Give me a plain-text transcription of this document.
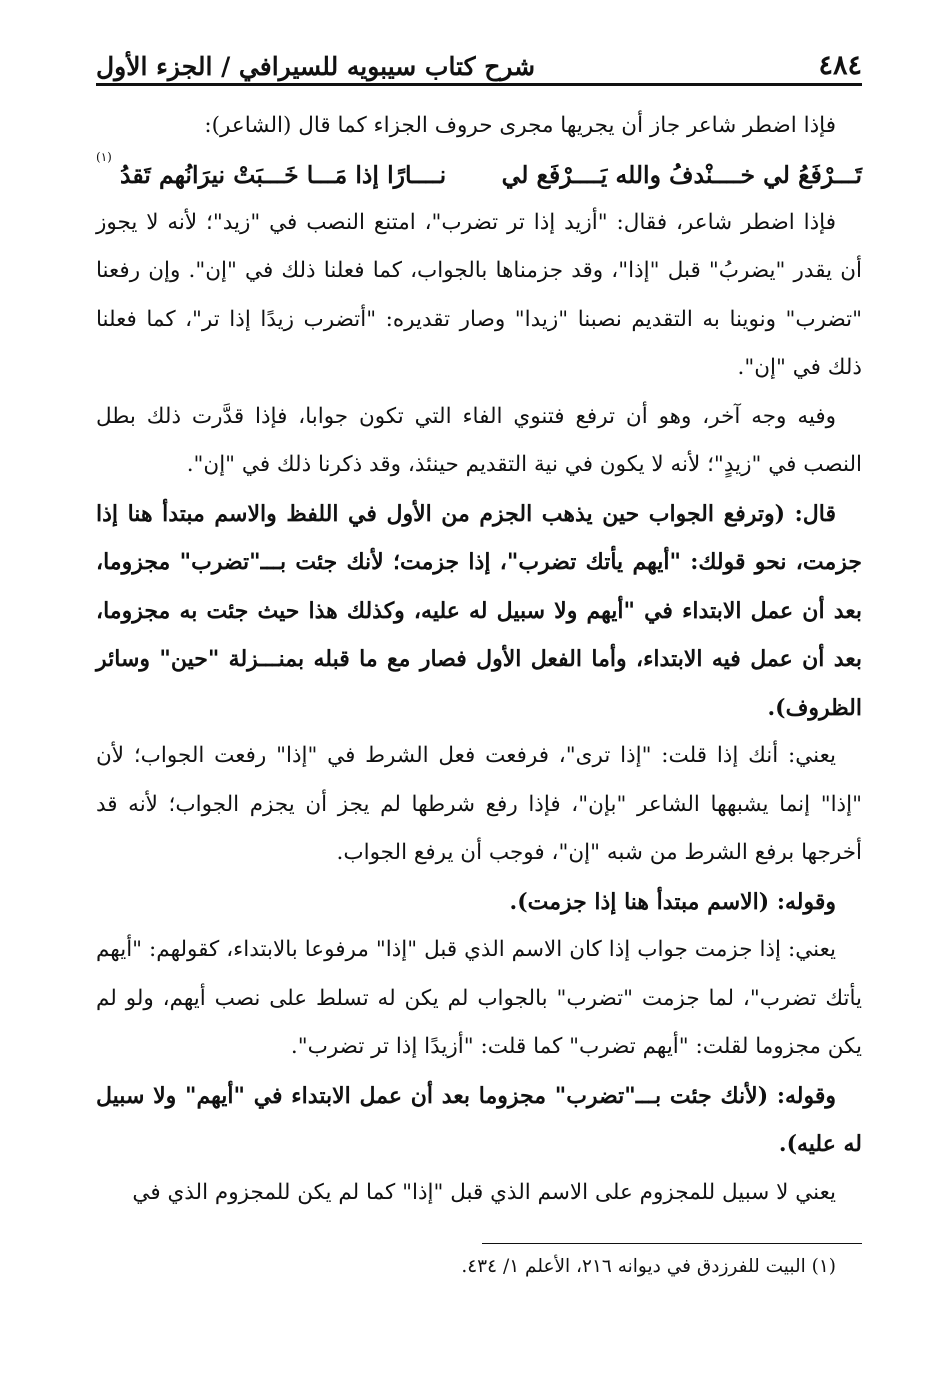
٤٨٤
شرح كتاب سيبويه للسيرافي / الجزء الأول

فإذا اضطر شاعر جاز أن يجريها مجرى حروف الجزاء كما قال (الشاعر):

تَـــرْفَعُ لي خــــنْدفُ والله يَــــرْفَع لي
نــــارًا إذا مَـــا خَـــبَتْ نيرَانُهم تَقدُ $^{(١)}$

فإذا اضطر شاعر، فقال: "أزيد إذا تر تضرب"، امتنع النصب في "زيد"؛ لأنه لا يجوز أن يقدر "يضربُ" قبل "إذا"، وقد جزمناها بالجواب، كما فعلنا ذلك في "إن". وإن رفعنا "تضرب" ونوينا به التقديم نصبنا "زيدا" وصار تقديره: "أتضرب زيدًا إذا تر"، كما فعلنا ذلك في "إن".

وفيه وجه آخر، وهو أن ترفع فتنوي الفاء التي تكون جوابا، فإذا قدَّرت ذلك بطل النصب في "زيدٍ"؛ لأنه لا يكون في نية التقديم حينئذ، وقد ذكرنا ذلك في "إن".

قال: (وترفع الجواب حين يذهب الجزم من الأول في اللفظ والاسم مبتدأ هنا إذا جزمت، نحو قولك: "أيهم يأتك تضرب"، إذا جزمت؛ لأنك جئت بـــ"تضرب" مجزوما، بعد أن عمل الابتداء في "أيهم ولا سبيل له عليه، وكذلك هذا حيث جئت به مجزوما، بعد أن عمل فيه الابتداء، وأما الفعل الأول فصار مع ما قبله بمنـــزلة "حين" وسائر الظروف).

يعني: أنك إذا قلت: "إذا ترى"، فرفعت فعل الشرط في "إذا" رفعت الجواب؛ لأن "إذا" إنما يشبهها الشاعر "بإن"، فإذا رفع شرطها لم يجز أن يجزم الجواب؛ لأنه قد أخرجها برفع الشرط من شبه "إن"، فوجب أن يرفع الجواب.

وقوله: (الاسم مبتدأ هنا إذا جزمت).

يعني: إذا جزمت جواب إذا كان الاسم الذي قبل "إذا" مرفوعا بالابتداء، كقولهم: "أيهم يأتك تضرب"، لما جزمت "تضرب" بالجواب لم يكن له تسلط على نصب أيهم، ولو لم يكن مجزوما لقلت: "أيهم تضرب" كما قلت: "أزيدًا إذا تر تضرب".

وقوله: (لأنك جئت بـــ"تضرب" مجزوما بعد أن عمل الابتداء في "أيهم" ولا سبيل له عليه).

يعني لا سبيل للمجزوم على الاسم الذي قبل "إذا" كما لم يكن للمجزوم الذي في

(١) البيت للفرزدق في ديوانه ٢١٦، الأعلم ١/ ٤٣٤.
